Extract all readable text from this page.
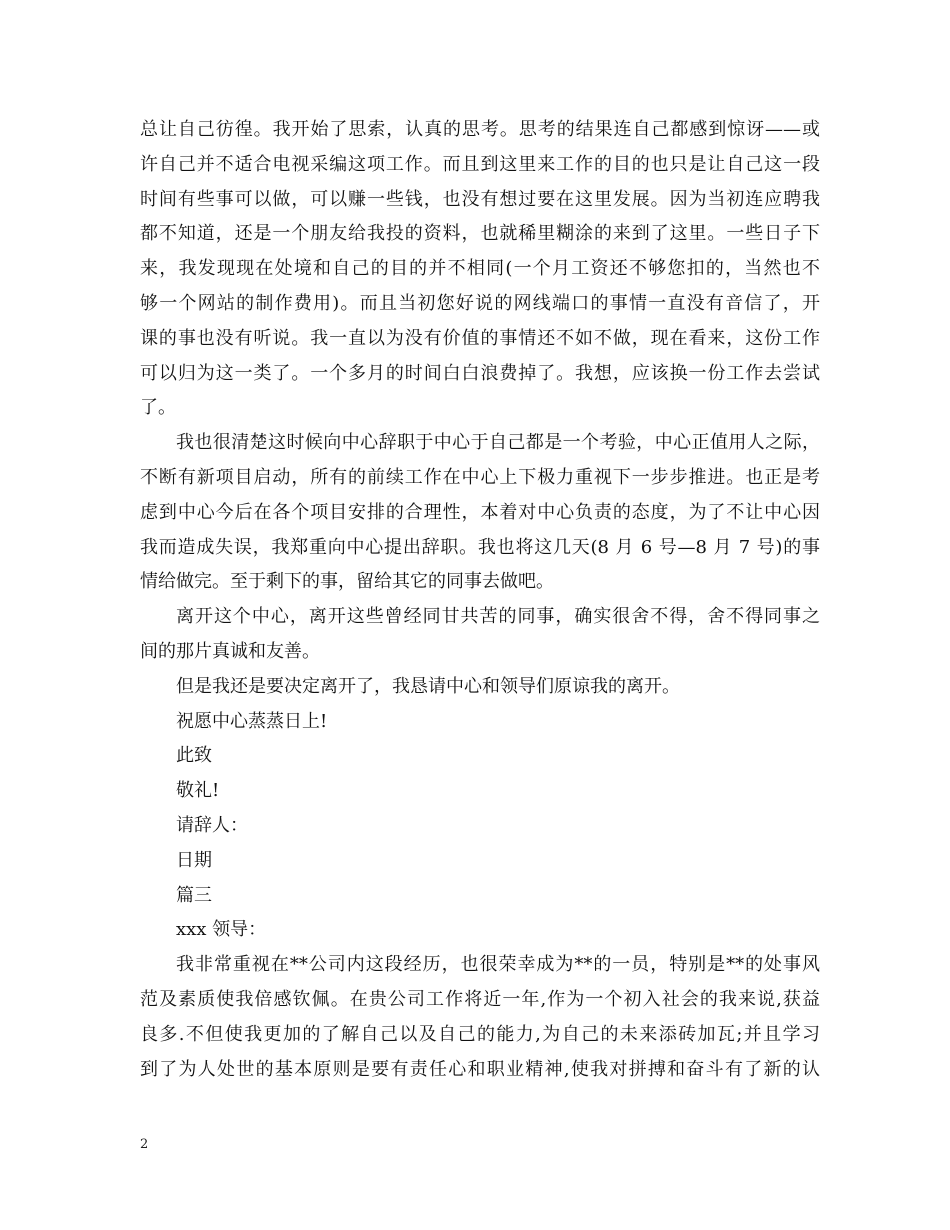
总让自己彷徨。我开始了思索，认真的思考。思考的结果连自己都感到惊讶——或
许自己并不适合电视采编这项工作。而且到这里来工作的目的也只是让自己这一段
时间有些事可以做，可以赚一些钱，也没有想过要在这里发展。因为当初连应聘我
都不知道，还是一个朋友给我投的资料，也就稀里糊涂的来到了这里。一些日子下
来，我发现现在处境和自己的目的并不相同(一个月工资还不够您扣的，当然也不
够一个网站的制作费用)。而且当初您好说的网线端口的事情一直没有音信了，开
课的事也没有听说。我一直以为没有价值的事情还不如不做，现在看来，这份工作
可以归为这一类了。一个多月的时间白白浪费掉了。我想，应该换一份工作去尝试
了。
我也很清楚这时候向中心辞职于中心于自己都是一个考验，中心正值用人之际，
不断有新项目启动，所有的前续工作在中心上下极力重视下一步步推进。也正是考
虑到中心今后在各个项目安排的合理性，本着对中心负责的态度，为了不让中心因
我而造成失误，我郑重向中心提出辞职。我也将这几天(8 月 6 号—8 月 7 号)的事
情给做完。至于剩下的事，留给其它的同事去做吧。
离开这个中心，离开这些曾经同甘共苦的同事，确实很舍不得，舍不得同事之
间的那片真诚和友善。
但是我还是要决定离开了，我恳请中心和领导们原谅我的离开。
祝愿中心蒸蒸日上!
此致
敬礼!
请辞人：
日期
篇三
xxx 领导：
我非常重视在**公司内这段经历，也很荣幸成为**的一员，特别是**的处事风
范及素质使我倍感钦佩。在贵公司工作将近一年,作为一个初入社会的我来说,获益
良多.不但使我更加的了解自己以及自己的能力,为自己的未来添砖加瓦;并且学习
到了为人处世的基本原则是要有责任心和职业精神,使我对拼搏和奋斗有了新的认
2
